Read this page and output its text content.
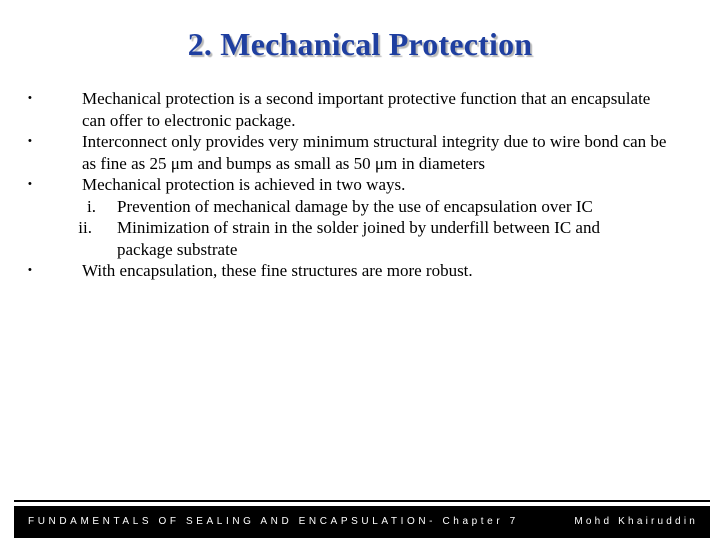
2. Mechanical Protection
•	Mechanical protection is a second important protective function that an encapsulate can offer to electronic package.
•	Interconnect only provides very minimum structural integrity due to wire bond can be as fine as 25 μm and bumps as small as 50 μm in diameters
•	Mechanical protection is achieved in two ways.
i. Prevention of mechanical damage by the use of encapsulation over IC
ii. Minimization of strain in the solder joined by underfill between IC and package substrate
•	With encapsulation, these fine structures are more robust.
FUNDAMENTALS OF SEALING AND ENCAPSULATION- Chapter 7	Mohd Khairuddin
